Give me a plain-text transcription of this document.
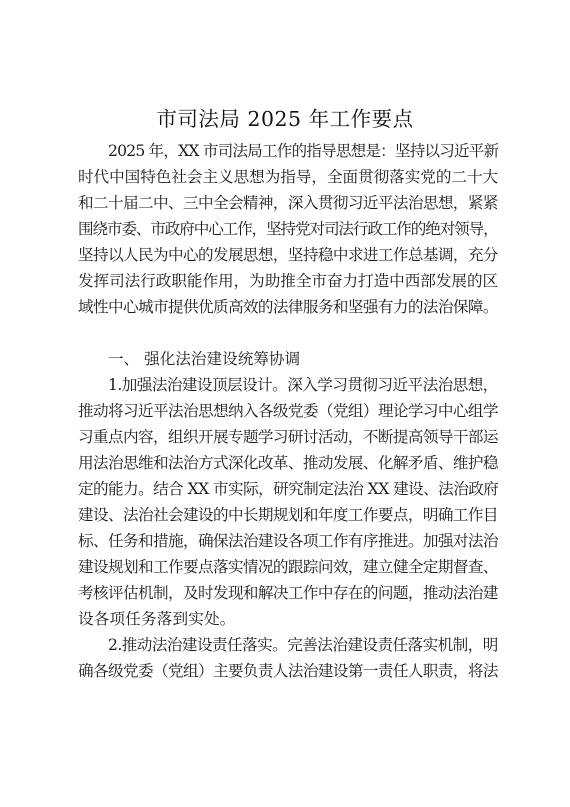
市司法局 2025 年工作要点
2025 年，XX 市司法局工作的指导思想是：坚持以习近平新
时代中国特色社会主义思想为指导，全面贯彻落实党的二十大
和二十届二中、三中全会精神，深入贯彻习近平法治思想，紧紧
围绕市委、市政府中心工作，坚持党对司法行政工作的绝对领导，
坚持以人民为中心的发展思想，坚持稳中求进工作总基调，充分
发挥司法行政职能作用，为助推全市奋力打造中西部发展的区
域性中心城市提供优质高效的法律服务和坚强有力的法治保障。
一、 强化法治建设统筹协调
1.加强法治建设顶层设计。深入学习贯彻习近平法治思想，
推动将习近平法治思想纳入各级党委（党组）理论学习中心组学
习重点内容，组织开展专题学习研讨活动，不断提高领导干部运
用法治思维和法治方式深化改革、推动发展、化解矛盾、维护稳
定的能力。结合 XX 市实际，研究制定法治 XX 建设、法治政府
建设、法治社会建设的中长期规划和年度工作要点，明确工作目
标、任务和措施，确保法治建设各项工作有序推进。加强对法治
建设规划和工作要点落实情况的跟踪问效，建立健全定期督查、
考核评估机制，及时发现和解决工作中存在的问题，推动法治建
设各项任务落到实处。
2.推动法治建设责任落实。完善法治建设责任落实机制，明
确各级党委（党组）主要负责人法治建设第一责任人职责，将法
